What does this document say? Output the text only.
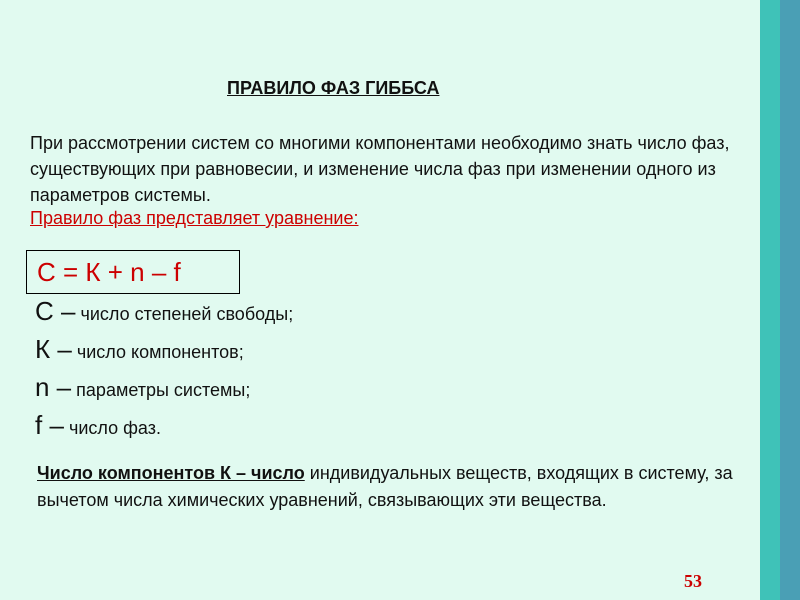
ПРАВИЛО ФАЗ ГИББСА

При рассмотрении систем со многими компонентами необходимо знать число фаз, существующих при равновесии, и изменение числа фаз при изменении одного из параметров системы.

Правило фаз представляет уравнение:
С = К + n – f
С – число степеней свободы;
К – число компонентов;
n – параметры системы;
f – число фаз.
Число компонентов К – число индивидуальных веществ, входящих в систему, за вычетом числа химических уравнений, связывающих эти вещества.
53
